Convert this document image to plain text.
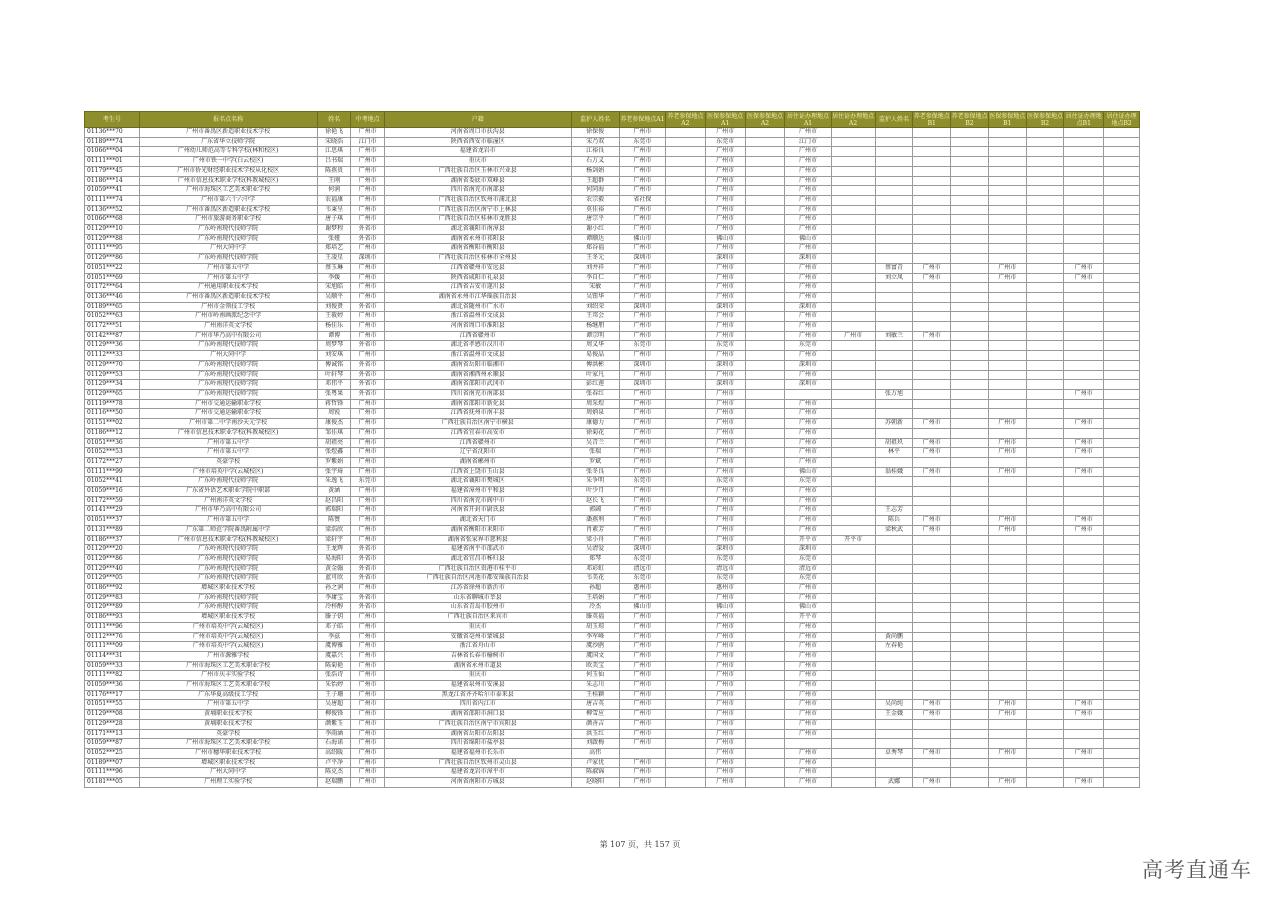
考生号	报名点名称	姓名	中考地点	户籍	监护人姓名	养老参保地点A1	养老参保地点A2	医保参保地点A1	医保参保地点A2	居住证办理地点A1	居住证办理地点A2	监护人姓名	养老参保地点B1	养老参保地点B2	医保参保地点B1	医保参保地点B2	居住证办理地点B1	居住证办理地点B2
01136***70	广州市番禺区新造职业技术学校	徐艳飞	广州市	河南省周口市扶沟县	徐保俊	广州市		广州市		广州市								
01189***74	广东省华立技师学院	宋晓浩	江门市	陕西省西安市临潼区	宋乃双	东莞市		东莞市		江门市								
01066***04	广州幼儿师范高等专科学校(林和校区)	江思琪	广州市	福建省龙岩市	江裕良	广州市		广州市		广州市								
01111***01	广州市铁一中学(白云校区)	吕书瑞	广州市	重庆市	石万义	广州市		广州市		广州市								
01179***45	广州市侨光财经职业技术学校从化校区	陈燕贵	广州市	广西壮族自治区玉林市兴业县	杨剑娟	广州市		广州市		广州市								
01186***14	广州市信息技术职业学校(科教城校区)	王刚	广州市	湖南省娄底市双峰县	王超群	广州市		广州市		广州市								
01059***41	广州市海珠区工艺美术职业学校	何润	广州市	四川省南充市南部县	何同海	广州市		广州市		广州市								
01111***74	广州市第六十六中学	农福康	广州市	广西壮族自治区钦州市浦北县	农宗毅	省社保		广州市		广州市								
01136***52	广州市番禺区新造职业技术学校	韦秉呈	广州市	广西壮族自治区南宁市上林县	莫佳裕	广州市		广州市		广州市								
01066***68	广州市旅游商务职业学校	唐子琪	广州市	广西壮族自治区桂林市龙胜县	唐宗平	广州市		广州市		广州市								
01129***10	广东岭南现代技师学院	谢梦程	外省市	湖北省襄阳市南漳县	谢小红	广州市		广州市		广州市								
01129***88	广东岭南现代技师学院	张娅	外省市	湖南省永州市祁阳县	谭顺达	佛山市		佛山市		佛山市								
01111***95	广州大同中学	郑培艺	广州市	湖南省衡阳市衡阳县	郑谷福	广州市		广州市		广州市								
01129***86	广东岭南现代技师学院	王凌星	深圳市	广西壮族自治区桂林市全州县	王冬元	深圳市		深圳市		深圳市								
01051***22	广州市第五中学	蔡玉琳	广州市	江西省赣州市安远县	刘井祥	广州市		广州市		广州市		蔡富青	广州市		广州市		广州市	
01051***69	广州市第五中学	李媛	广州市	陕西省咸阳市礼泉县	李自仁	广州市		广州市		广州市		刘立凤	广州市		广州市		广州市	
01172***64	广州通用职业技术学校	宋旭皓	广州市	江西省吉安市遂川县	宋敏	广州市		广州市		广州市								
01136***46	广州市番禺区新造职业技术学校	吴顺平	广州市	湖南省永州市江华瑶族自治县	吴钮华	广州市		广州市		广州市								
01189***65	广州市金领技工学校	刘俊贤	外省市	湖北省随州市广水市	刘绍荣	深圳市		深圳市		深圳市								
01052***63	广州市岭南画派纪念中学	王筱婷	广州市	浙江省温州市文成县	王邦会	广州市		广州市		广州市								
01172***51	广州南洋英文学校	杨佳乐	广州市	河南省周口市淮阳县	杨继朋	广州市		广州市		广州市								
01142***87	广州市华乃高中有限公司	谭博	广州市	江西省赣州市	谭宗明	广州市		广州市		广州市	广州市	刘敏兰	广州市					
01129***36	广东岭南现代技师学院	周梦琴	外省市	湖北省孝感市汉川市	周义华	东莞市		东莞市		东莞市								
01112***33	广州大同中学	刘安琪	广州市	浙江省温州市文成县	易俊晶	广州市		广州市		广州市								
01129***70	广东岭南现代技师学院	傅诚铭	外省市	湖南省岳阳市临湘市	傅洪彬	深圳市		深圳市		深圳市								
01129***53	广东岭南现代技师学院	叶轩琴	外省市	湖南省湘西州永顺县	叶家凡	广州市		广州市		广州市								
01129***34	广东岭南现代技师学院	邓伟平	外省市	湖南省邵阳市武冈市	彭红莲	深圳市		深圳市		深圳市								
01129***65	广东岭南现代技师学院	张粤果	外省市	四川省南充市南部县	张春红	广州市		广州市				张万旭					广州市	
01119***78	广州市交通运输职业学校	蒋哲锋	广州市	湖南省邵阳市新化县	周采煌	广州市		广州市		广州市								
01116***50	广州市交通运输职业学校	周锐	广州市	江西省抚州市南丰县	周炳泉	广州市		广州市		广州市								
01151***02	广州市第二中学南沙天元学校	康俊杰	广州市	广西壮族自治区南宁市横县	康德力	广州市		广州市		广州市		苏朝新	广州市		广州市		广州市	
01186***12	广州市信息技术职业学校(科教城校区)	邹佳琪	广州市	江西省宜春市高安市	徐菊花	广州市		广州市		广州市								
01051***36	广州市第五中学	胡祖亮	广州市	江西省赣州市	吴青兰	广州市		广州市		广州市		胡祖玖	广州市		广州市		广州市	
01052***53	广州市第五中学	张煜鑫	广州市	辽宁省沈阳市	张瑞	广州市		广州市		广州市		林平	广州市		广州市		广州市	
01172***27	英豪学校	罗紫娟	广州市	湖南省郴州市	罗斌	广州市		广州市		广州市								
01111***99	广州市培英中学(云城校区)	张宇琦	广州市	江西省上饶市玉山县	张冬良	广州市		广州市		佛山市		翁桂娥	广州市		广州市		广州市	
01052***41	广东岭南现代技师学院	朱逸飞	东莞市	湖北省襄阳市樊城区	朱争明	东莞市		东莞市		东莞市								
01059***16	广东省外语艺术职业学院中职部	黄涵	广州市	福建省漳州市平和县	叶少月	广州市		广州市		广州市								
01172***59	广州南洋英文学校	赵昌阳	广州市	四川省南充市阆中市	赵长飞	广州市		广州市		广州市								
01141***29	广州市华乃高中有限公司	郭瑞阳	广州市	河南省开封市尉氏县	郭阔	广州市		广州市		广州市		王志芳						
01051***37	广州市第五中学	陈赞	广州市	湖北省天门市	潘燕利	广州市		广州市		广州市		陈兵	广州市		广州市		广州市	
01131***89	广东第二师范学院番禺附属中学	梁浩欣	广州市	湖南省衡阳市耒阳市	肖素芳	广州市		广州市		广州市		梁秋武	广州市		广州市		广州市	
01186***37	广州市信息技术职业学校(科教城校区)	梁轩宇	广州市	湖南省张家界市慈利县	梁小舟	广州市		广州市		开平市	开平市							
01129***20	广东岭南现代技师学院	王龙辉	外省市	福建省南平市邵武市	吴清爱	深圳市		深圳市		深圳市								
01129***86	广东岭南现代技师学院	易海阳	外省市	湖北省宜昌市秭归县	郑琴	东莞市		东莞市		东莞市								
01129***40	广东岭南现代技师学院	黄金翰	外省市	广西壮族自治区贵港市桂平市	邓彩虹	清远市		清远市		清远市								
01129***05	广东岭南现代技师学院	蓝可欣	外省市	广西壮族自治区河池市都安瑶族自治县	韦美花	东莞市		东莞市		东莞市								
01186***92	增城区职业技术学校	孙之润	广州市	江苏省徐州市新沂市	孙超	惠州市		惠州市		广州市								
01129***83	广东岭南现代技师学院	李庸宝	外省市	山东省聊城市莘县	王培娟	广州市		广州市		广州市								
01129***89	广东岭南现代技师学院	冷梓醇	外省市	山东省青岛市胶州市	冷杰	佛山市		佛山市		佛山市								
01186***93	增城区职业技术学校	滕子钥	广州市	广西壮族自治区来宾市	滕英福	广州市		广州市		开平市								
01111***96	广州市培英中学(云城校区)	邓子皓	广州市	重庆市	胡玉琼	广州市		广州市		广州市								
01112***76	广州市培英中学(云城校区)	李兹	广州市	安徽省亳州市蒙城县	李军峰	广州市		广州市		广州市		黄尚鹏						
01111***09	广州市培英中学(云城校区)	虞博雅	广州市	浙江省舟山市	虞沙鸥	广州市		广州市		广州市		左春艳						
01114***31	广州市源雅学校	虞嘉兴	广州市	吉林省长春市榆树市	虞国文	广州市		广州市		广州市								
01059***33	广州市海珠区工艺美术职业学校	陈菊艳	广州市	湖南省永州市道县	欧美宝	广州市		广州市		广州市								
01111***82	广州市庆丰实验学校	张浩诗	广州市	重庆市	何玉仙	广州市		广州市		广州市								
01059***36	广州市海珠区工艺美术职业学校	朱怡婷	广州市	福建省泉州市安溪县	朱志川	广州市		广州市		广州市								
01176***17	广东华夏高级技工学校	王子珊	广州市	黑龙江省齐齐哈尔市泰来县	王桂颖	广州市		广州市		广州市								
01051***55	广州市第五中学	吴唐超	广州市	四川省内江市	唐吉英	广州市		广州市		广州市		吴尚纯	广州市		广州市		广州市	
01129***08	黄埔职业技术学校	柳俊锋	广州市	湖南省邵阳市洞口县	柳雪应	广州市		广州市		广州市		王金娥	广州市		广州市		广州市	
01129***28	黄埔职业技术学校	颜紫玉	广州市	广西壮族自治区南宁市宾阳县	颜善吉	广州市		广州市		广州市								
01171***13	英豪学校	李雨涵	广州市	湖南省岳阳市岳阳县	洪玉红	广州市		广州市		广州市								
01059***87	广州市海珠区工艺美术职业学校	石海诺	广州市	四川省绵阳市盐亭县	刘啟梅	广州市		广州市										
01052***25	广州市穗华职业技术学校	高绍暖	广州市	福建省福州市长乐市	高伟			广州市		广州市		卓秀琴	广州市		广州市		广州市	
01189***07	增城区职业技术学校	卢平净	广州市	广西壮族自治区钦州市灵山县	卢家优	广州市		广州市		广州市								
01111***96	广州大同中学	陈克杰	广州市	福建省龙岩市漳平市	陈淑锦	广州市		广州市		广州市								
01181***05	广州理工实验学校	赵瑞鹏	广州市	河南省南阳市方城县	赵晓阳	广州市		广州市		广州市		武娜	广州市		广州市		广州市	
第 107 页，共 157 页
高考直通车
